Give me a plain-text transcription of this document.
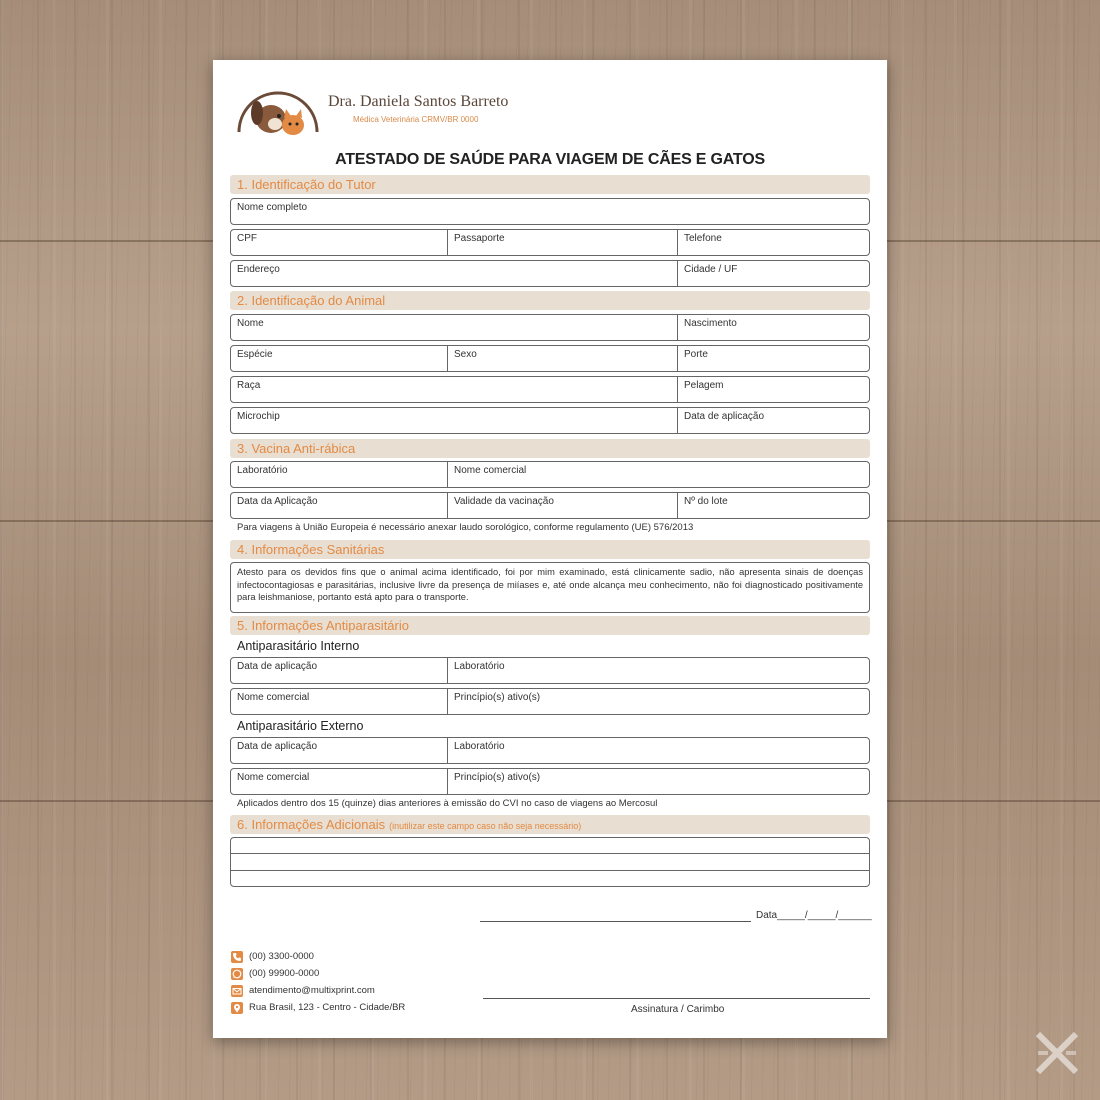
Dra. Daniela Santos Barreto
Médica Veterinária CRMV/BR 0000
ATESTADO DE SAÚDE PARA VIAGEM DE CÃES E GATOS
1. Identificação do Tutor
Nome completo
CPF	Passaporte	Telefone
Endereço	Cidade / UF
2. Identificação do Animal
Nome	Nascimento
Espécie	Sexo	Porte
Raça	Pelagem
Microchip	Data de aplicação
3. Vacina Anti-rábica
Laboratório	Nome comercial
Data da Aplicação	Validade da vacinação	Nº do lote
Para viagens à União Europeia é necessário anexar laudo sorológico, conforme regulamento (UE) 576/2013
4. Informações Sanitárias
Atesto para os devidos fins que o animal acima identificado, foi por mim examinado, está clinicamente sadio, não apresenta sinais de doenças infectocontagiosas e parasitárias, inclusive livre da presença de miíases e, até onde alcança meu conhecimento, não foi diagnosticado positivamente para leishmaniose, portanto está apto para o transporte.
5. Informações Antiparasitário
Antiparasitário Interno
Data de aplicação	Laboratório
Nome comercial	Princípio(s) ativo(s)
Antiparasitário Externo
Data de aplicação	Laboratório
Nome comercial	Princípio(s) ativo(s)
Aplicados dentro dos 15 (quinze) dias anteriores à emissão do CVI no caso de viagens ao Mercosul
6. Informações Adicionais (inutilizar este campo caso não seja necessário)
Data_____/_____/______
Assinatura / Carimbo
(00) 3300-0000
(00) 99900-0000
atendimento@multixprint.com
Rua Brasil, 123 - Centro - Cidade/BR
